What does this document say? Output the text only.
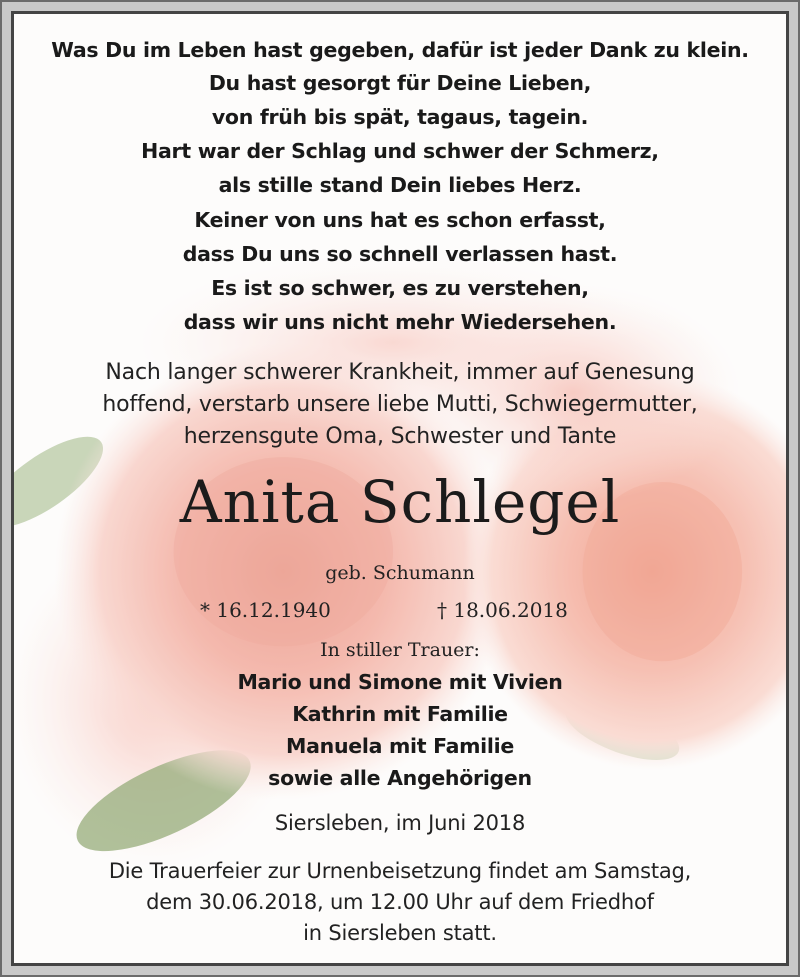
Was Du im Leben hast gegeben, dafür ist jeder Dank zu klein.
Du hast gesorgt für Deine Lieben,
von früh bis spät, tagaus, tagein.
Hart war der Schlag und schwer der Schmerz,
als stille stand Dein liebes Herz.
Keiner von uns hat es schon erfasst,
dass Du uns so schnell verlassen hast.
Es ist so schwer, es zu verstehen,
dass wir uns nicht mehr Wiedersehen.
Nach langer schwerer Krankheit, immer auf Genesung
hoffend, verstarb unsere liebe Mutti, Schwiegermutter,
herzensgute Oma, Schwester und Tante
Anita Schlegel
geb. Schumann
* 16.12.1940	† 18.06.2018
In stiller Trauer:
Mario und Simone mit Vivien
Kathrin mit Familie
Manuela mit Familie
sowie alle Angehörigen
Siersleben, im Juni 2018
Die Trauerfeier zur Urnenbeisetzung findet am Samstag,
dem 30.06.2018, um 12.00 Uhr auf dem Friedhof
in Siersleben statt.
